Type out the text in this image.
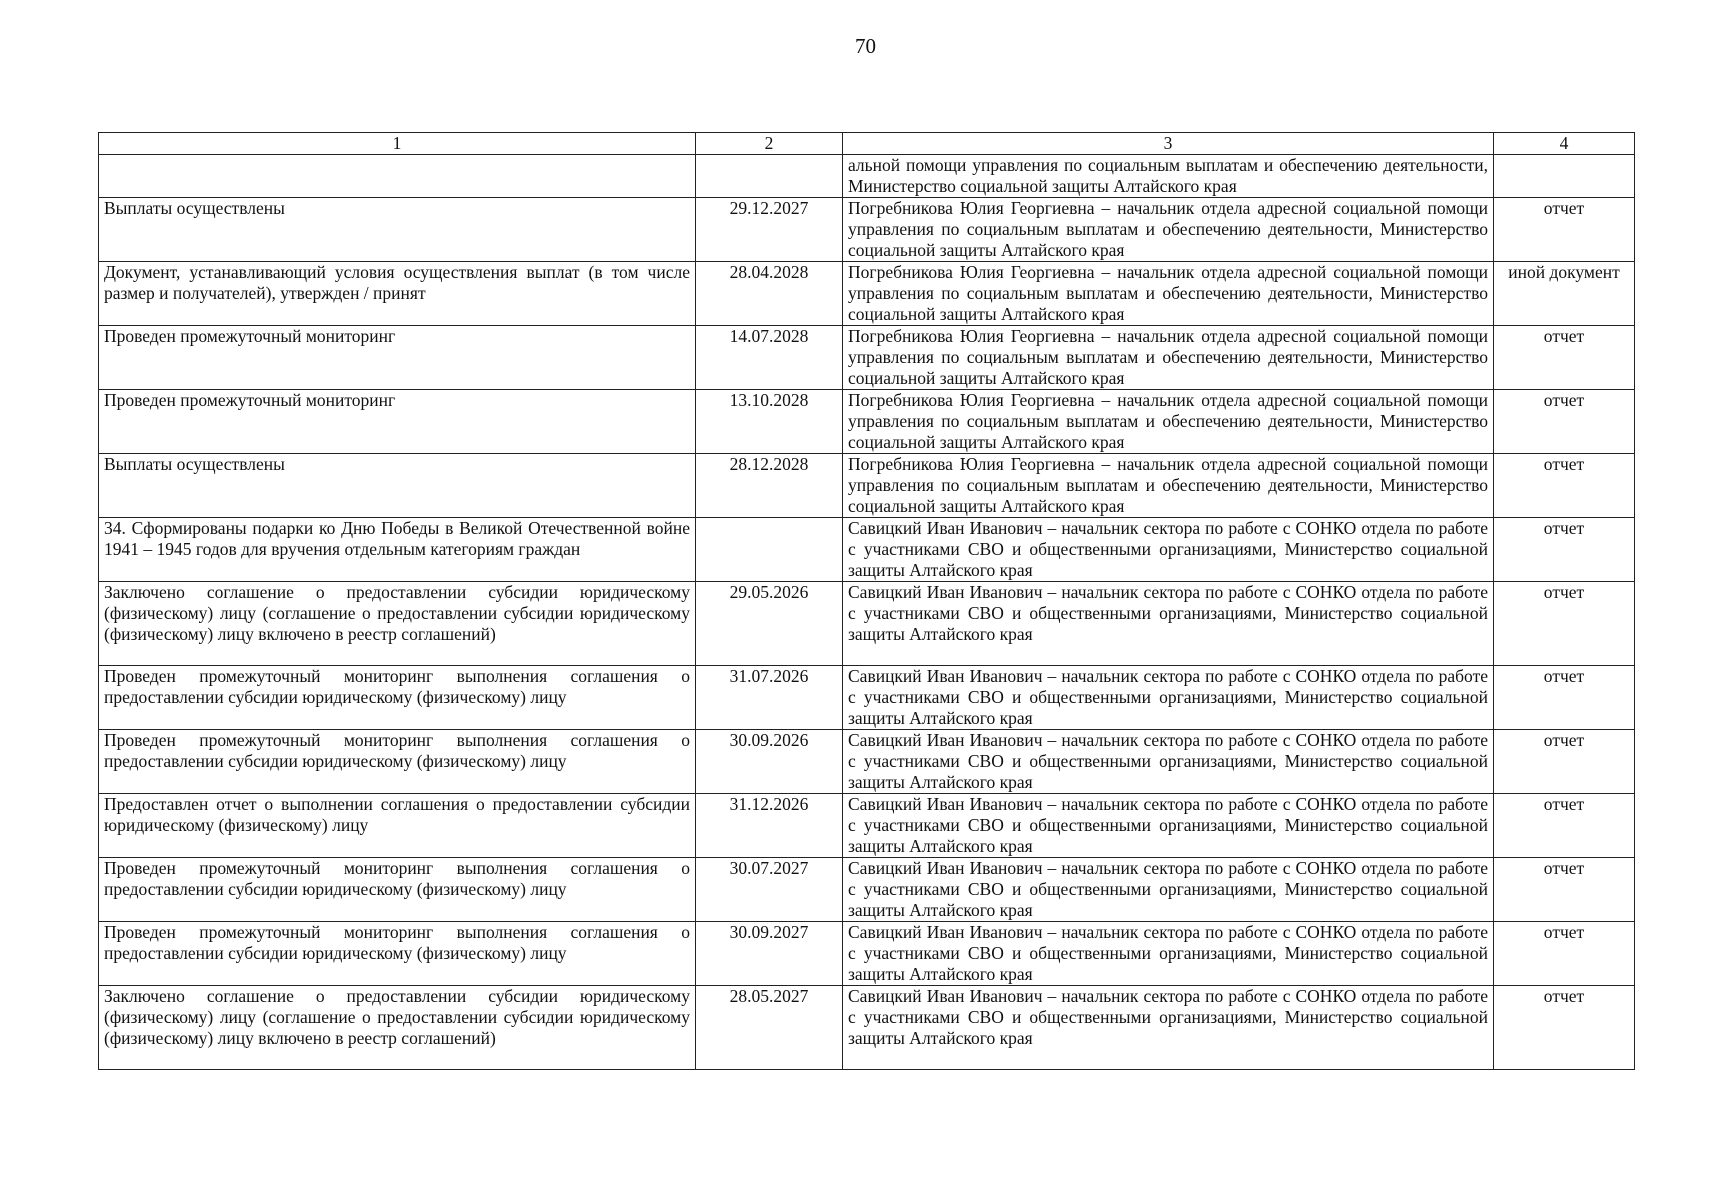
70
1	2	3	4
		альной помощи управления по социальным выплатам и обеспечению деятельности, Министерство социальной защиты Алтайского края	
Выплаты осуществлены	29.12.2027	Погребникова Юлия Георгиевна – начальник отдела адресной социальной помощи управления по социальным выплатам и обеспечению деятельности, Министерство социальной защиты Алтайского края	отчет
Документ, устанавливающий условия осуществления выплат (в том числе размер и получателей), утвержден / принят	28.04.2028	Погребникова Юлия Георгиевна – начальник отдела адресной социальной помощи управления по социальным выплатам и обеспечению деятельности, Министерство социальной защиты Алтайского края	иной документ
Проведен промежуточный мониторинг	14.07.2028	Погребникова Юлия Георгиевна – начальник отдела адресной социальной помощи управления по социальным выплатам и обеспечению деятельности, Министерство социальной защиты Алтайского края	отчет
Проведен промежуточный мониторинг	13.10.2028	Погребникова Юлия Георгиевна – начальник отдела адресной социальной помощи управления по социальным выплатам и обеспечению деятельности, Министерство социальной защиты Алтайского края	отчет
Выплаты осуществлены	28.12.2028	Погребникова Юлия Георгиевна – начальник отдела адресной социальной помощи управления по социальным выплатам и обеспечению деятельности, Министерство социальной защиты Алтайского края	отчет
34. Сформированы подарки ко Дню Победы в Великой Отечественной войне 1941 – 1945 годов для вручения отдельным категориям граждан		Савицкий Иван Иванович – начальник сектора по работе с СОНКО отдела по работе с участниками СВО и общественными организациями, Министерство социальной защиты Алтайского края	отчет
Заключено соглашение о предоставлении субсидии юридическому (физическому) лицу (соглашение о предоставлении субсидии юридическому (физическому) лицу включено в реестр соглашений)	29.05.2026	Савицкий Иван Иванович – начальник сектора по работе с СОНКО отдела по работе с участниками СВО и общественными организациями, Министерство социальной защиты Алтайского края	отчет
Проведен промежуточный мониторинг выполнения соглашения о предоставлении субсидии юридическому (физическому) лицу	31.07.2026	Савицкий Иван Иванович – начальник сектора по работе с СОНКО отдела по работе с участниками СВО и общественными организациями, Министерство социальной защиты Алтайского края	отчет
Проведен промежуточный мониторинг выполнения соглашения о предоставлении субсидии юридическому (физическому) лицу	30.09.2026	Савицкий Иван Иванович – начальник сектора по работе с СОНКО отдела по работе с участниками СВО и общественными организациями, Министерство социальной защиты Алтайского края	отчет
Предоставлен отчет о выполнении соглашения о предоставлении субсидии юридическому (физическому) лицу	31.12.2026	Савицкий Иван Иванович – начальник сектора по работе с СОНКО отдела по работе с участниками СВО и общественными организациями, Министерство социальной защиты Алтайского края	отчет
Проведен промежуточный мониторинг выполнения соглашения о предоставлении субсидии юридическому (физическому) лицу	30.07.2027	Савицкий Иван Иванович – начальник сектора по работе с СОНКО отдела по работе с участниками СВО и общественными организациями, Министерство социальной защиты Алтайского края	отчет
Проведен промежуточный мониторинг выполнения соглашения о предоставлении субсидии юридическому (физическому) лицу	30.09.2027	Савицкий Иван Иванович – начальник сектора по работе с СОНКО отдела по работе с участниками СВО и общественными организациями, Министерство социальной защиты Алтайского края	отчет
Заключено соглашение о предоставлении субсидии юридическому (физическому) лицу (соглашение о предоставлении субсидии юридическому (физическому) лицу включено в реестр соглашений)	28.05.2027	Савицкий Иван Иванович – начальник сектора по работе с СОНКО отдела по работе с участниками СВО и общественными организациями, Министерство социальной защиты Алтайского края	отчет
